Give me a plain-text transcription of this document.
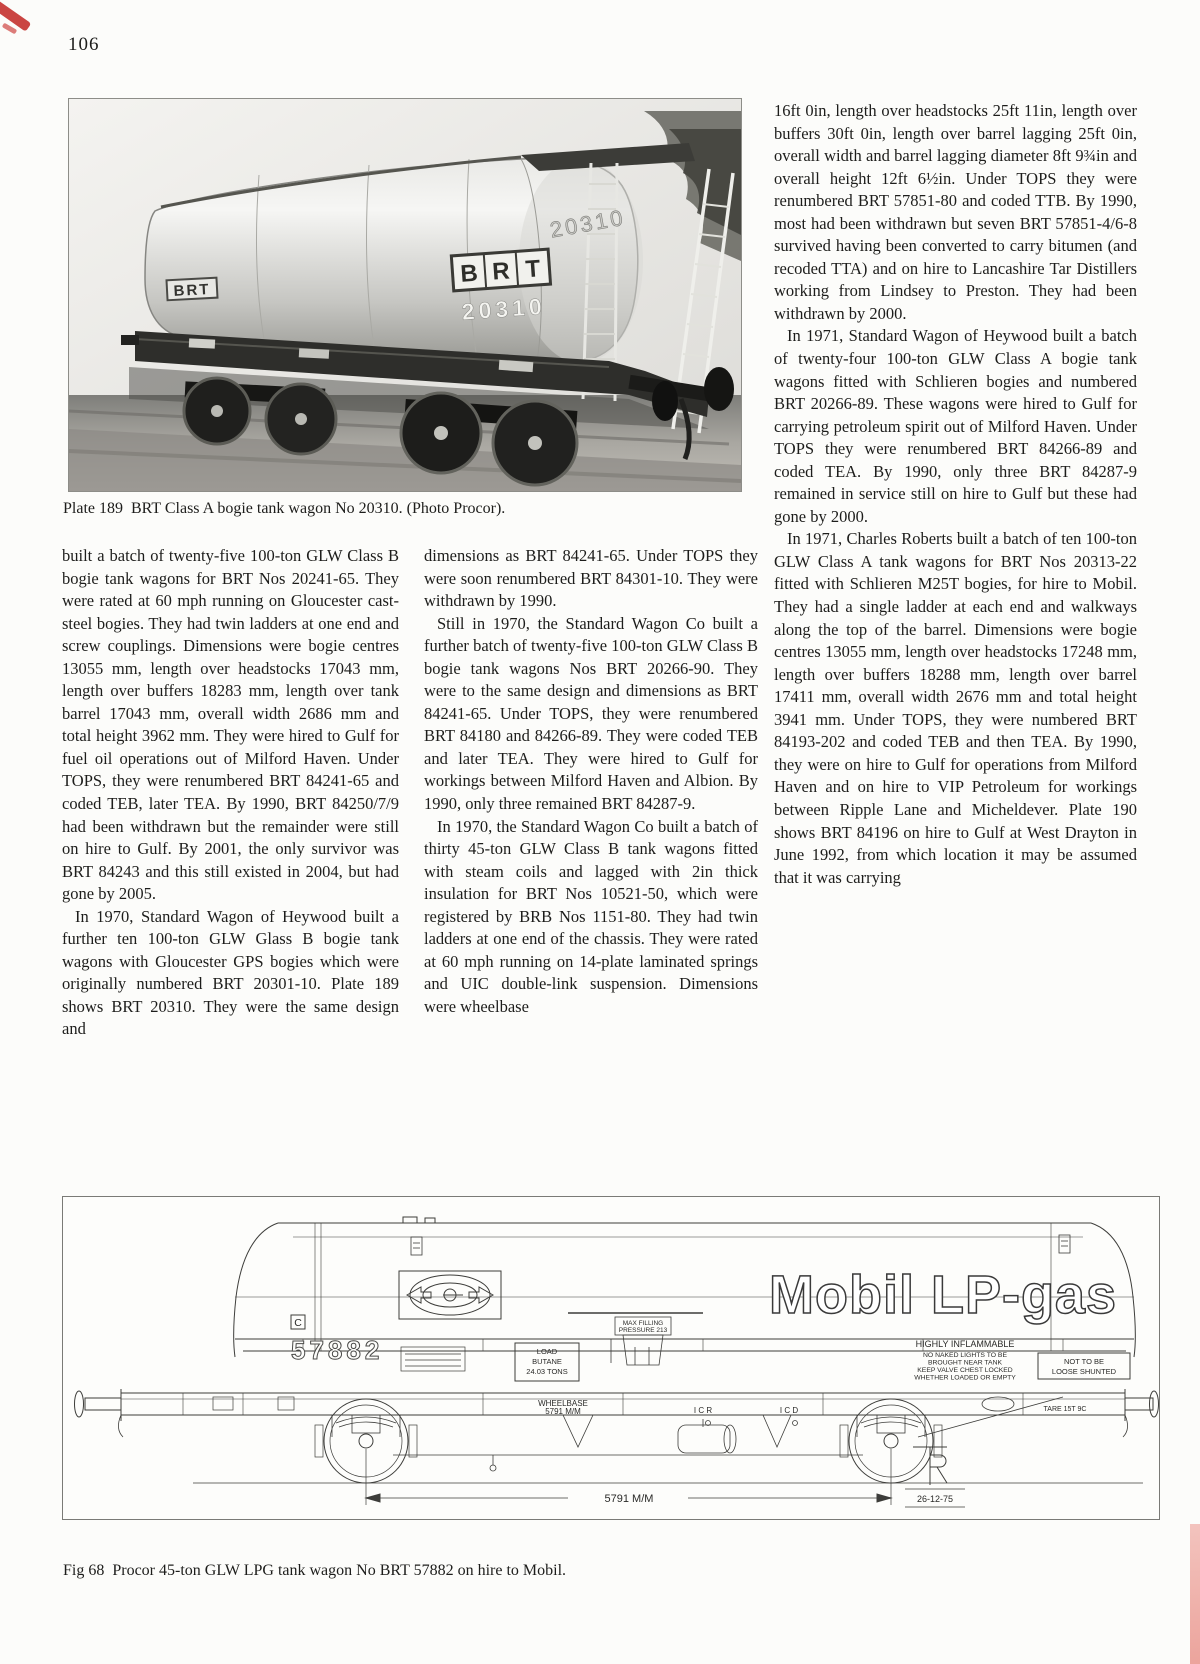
106
BRT
B R T
20310
20310
Plate 189  BRT Class A bogie tank wagon No 20310. (Photo Procor).

built a batch of twenty-five 100-ton GLW Class B bogie tank wagons for BRT Nos 20241-65. They were rated at 60 mph running on Gloucester cast-steel bogies. They had twin ladders at one end and screw couplings. Dimensions were bogie centres 13055 mm, length over headstocks 17043 mm, length over buffers 18283 mm, length over tank barrel 17043 mm, overall width 2686 mm and total height 3962 mm. They were hired to Gulf for fuel oil operations out of Milford Haven. Under TOPS, they were renumbered BRT 84241-65 and coded TEB, later TEA. By 1990, BRT 84250/7/9 had been withdrawn but the remainder were still on hire to Gulf. By 2001, the only survivor was BRT 84243 and this still existed in 2004, but had gone by 2005.

In 1970, Standard Wagon of Heywood built a further ten 100-ton GLW Glass B bogie tank wagons with Gloucester GPS bogies which were originally numbered BRT 20301-10. Plate 189 shows BRT 20310. They were the same design and

dimensions as BRT 84241-65. Under TOPS they were soon renumbered BRT 84301-10. They were withdrawn by 1990.

Still in 1970, the Standard Wagon Co built a further batch of twenty-five 100-ton GLW Class B bogie tank wagons Nos BRT 20266-90. They were to the same design and dimensions as BRT 84241-65. Under TOPS, they were renumbered BRT 84180 and 84266-89. They were coded TEB and later TEA. They were hired to Gulf for workings between Milford Haven and Albion. By 1990, only three remained BRT 84287-9.

In 1970, the Standard Wagon Co built a batch of thirty 45-ton GLW Class B tank wagons fitted with steam coils and lagged with 2in thick insulation for BRT Nos 10521-50, which were registered by BRB Nos 1151-80. They had twin ladders at one end of the chassis. They were rated at 60 mph running on 14-plate laminated springs and UIC double-link suspension. Dimensions were wheelbase

16ft 0in, length over headstocks 25ft 11in, length over buffers 30ft 0in, length over barrel lagging 25ft 0in, overall width and barrel lagging diameter 8ft 9¾in and overall height 12ft 6½in. Under TOPS they were renumbered BRT 57851-80 and coded TTB. By 1990, most had been withdrawn but seven BRT 57851-4/6-8 survived having been converted to carry bitumen (and recoded TTA) and on hire to Lancashire Tar Distillers working from Lindsey to Preston. They had been withdrawn by 2000.

In 1971, Standard Wagon of Heywood built a batch of twenty-four 100-ton GLW Class A bogie tank wagons fitted with Schlieren bogies and numbered BRT 20266-89. These wagons were hired to Gulf for carrying petroleum spirit out of Milford Haven. Under TOPS they were renumbered BRT 84266-89 and coded TEA. By 1990, only three BRT 84287-9 remained in service still on hire to Gulf but these had gone by 2000.

In 1971, Charles Roberts built a batch of ten 100-ton GLW Class A tank wagons for BRT Nos 20313-22 fitted with Schlieren M25T bogies, for hire to Mobil. They had a single ladder at each end and walkways along the top of the barrel. Dimensions were bogie centres 13055 mm, length over headstocks 17248 mm, length over buffers 18288 mm, length over barrel 17411 mm, overall width 2676 mm and total height 3941 mm. Under TOPS, they were numbered BRT 84193-202 and coded TEB and then TEA. By 1990, they were on hire to Gulf for operations from Milford Haven and on hire to VIP Petroleum for workings between Ripple Lane and Micheldever. Plate 190 shows BRT 84196 on hire to Gulf at West Drayton in June 1992, from which location it may be assumed that it was carrying

Mobil LP-gas
C
57882
MAX FILLING
PRESSURE 213
HIGHLY INFLAMMABLE
NO NAKED LIGHTS TO BE
BROUGHT NEAR TANK
KEEP VALVE CHEST LOCKED
WHETHER LOADED OR EMPTY
NOT TO BE
LOOSE SHUNTED
LOAD
BUTANE
24.03 TONS
WHEELBASE
5791 M/M	I C R	I C D	TARE 15T 9C
5791 M/M	26-12-75
Fig 68  Procor 45-ton GLW LPG tank wagon No BRT 57882 on hire to Mobil.
